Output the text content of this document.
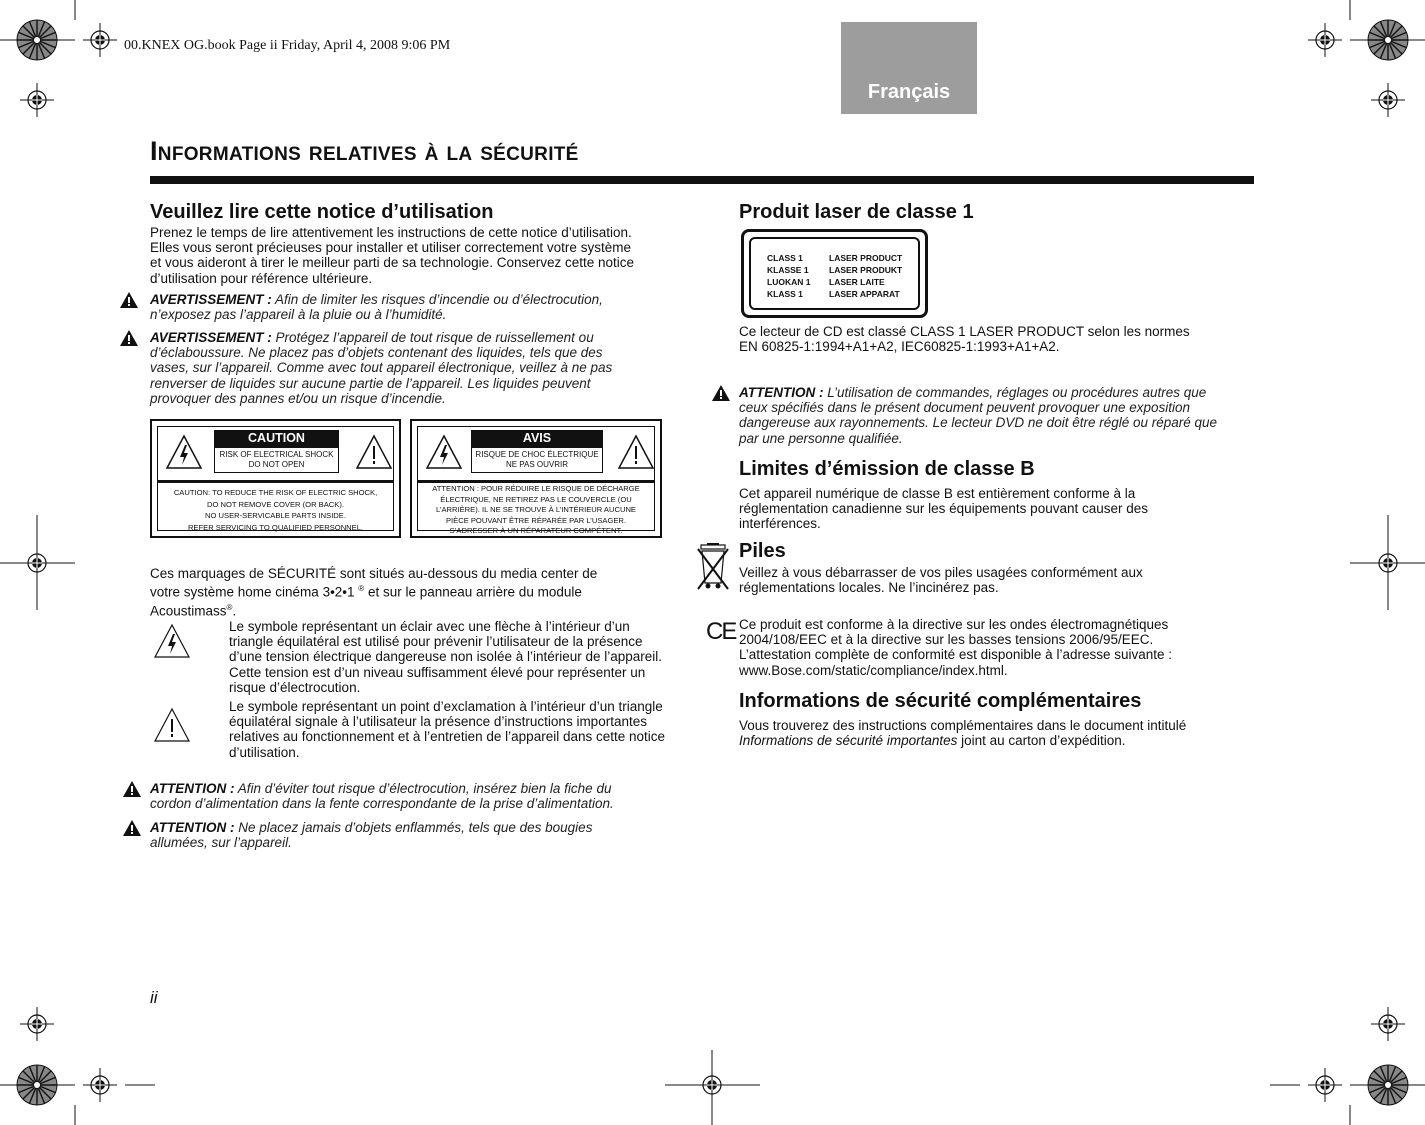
00.KNEX OG.book Page ii Friday, April 4, 2008 9:06 PM
Français
Informations relatives à la sécurité
Veuillez lire cette notice d’utilisation
Prenez le temps de lire attentivement les instructions de cette notice d’utilisation.
Elles vous seront précieuses pour installer et utiliser correctement votre système
et vous aideront à tirer le meilleur parti de sa technologie. Conservez cette notice
d’utilisation pour référence ultérieure.
AVERTISSEMENT : Afin de limiter les risques d’incendie ou d’électrocution,
n’exposez pas l’appareil à la pluie ou à l’humidité.
AVERTISSEMENT : Protégez l’appareil de tout risque de ruissellement ou
d’éclaboussure. Ne placez pas d’objets contenant des liquides, tels que des
vases, sur l’appareil. Comme avec tout appareil électronique, veillez à ne pas
renverser de liquides sur aucune partie de l’appareil. Les liquides peuvent
provoquer des pannes et/ou un risque d’incendie.
CAUTION
RISK OF ELECTRICAL SHOCK
DO NOT OPEN
CAUTION: TO REDUCE THE RISK OF ELECTRIC SHOCK,
DO NOT REMOVE COVER (OR BACK).
NO USER-SERVICABLE PARTS INSIDE.
REFER SERVICING TO QUALIFIED PERSONNEL.
AVIS
RISQUE DE CHOC ÉLECTRIQUE
NE PAS OUVRIR
ATTENTION : POUR RÉDUIRE LE RISQUE DE DÉCHARGE
ÉLECTRIQUE, NE RETIREZ PAS LE COUVERCLE (OU
L’ARRIÈRE). IL NE SE TROUVE À L’INTÉRIEUR AUCUNE
PIÈCE POUVANT ÊTRE RÉPARÉE PAR L’USAGER.
S’ADRESSER À UN RÉPARATEUR COMPÉTENT.
Ces marquages de SÉCURITÉ sont situés au-dessous du media center de
votre système home cinéma 3•2•1 ® et sur le panneau arrière du module
Acoustimass®.
Le symbole représentant un éclair avec une flèche à l’intérieur d’un
triangle équilatéral est utilisé pour prévenir l’utilisateur de la présence
d’une tension électrique dangereuse non isolée à l’intérieur de l’appareil.
Cette tension est d’un niveau suffisamment élevé pour représenter un
risque d’électrocution.
Le symbole représentant un point d’exclamation à l’intérieur d’un triangle
équilatéral signale à l’utilisateur la présence d’instructions importantes
relatives au fonctionnement et à l’entretien de l’appareil dans cette notice
d’utilisation.
ATTENTION : Afin d’éviter tout risque d’électrocution, insérez bien la fiche du
cordon d’alimentation dans la fente correspondante de la prise d’alimentation.
ATTENTION : Ne placez jamais d’objets enflammés, tels que des bougies
allumées, sur l’appareil.
Produit laser de classe 1
CLASS 1	LASER PRODUCT
KLASSE 1 LASER PRODUKT
LUOKAN 1 LASER LAITE
KLASS 1	LASER APPARAT
Ce lecteur de CD est classé CLASS 1 LASER PRODUCT selon les normes
EN 60825-1:1994+A1+A2, IEC60825-1:1993+A1+A2.
ATTENTION : L’utilisation de commandes, réglages ou procédures autres que
ceux spécifiés dans le présent document peuvent provoquer une exposition
dangereuse aux rayonnements. Le lecteur DVD ne doit être réglé ou réparé que
par une personne qualifiée.
Limites d’émission de classe B
Cet appareil numérique de classe B est entièrement conforme à la
réglementation canadienne sur les équipements pouvant causer des
interférences.
Piles
Veillez à vous débarrasser de vos piles usagées conformément aux
réglementations locales. Ne l’incinérez pas.
CE Ce produit est conforme à la directive sur les ondes électromagnétiques
2004/108/EEC et à la directive sur les basses tensions 2006/95/EEC.
L’attestation complète de conformité est disponible à l’adresse suivante :
www.Bose.com/static/compliance/index.html.
Informations de sécurité complémentaires
Vous trouverez des instructions complémentaires dans le document intitulé
Informations de sécurité importantes joint au carton d’expédition.
ii
